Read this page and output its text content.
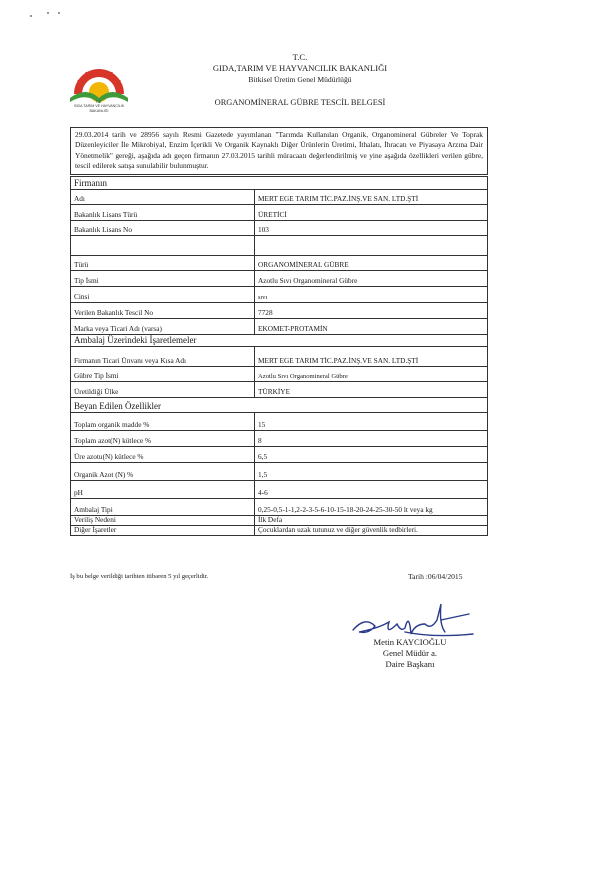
T.C.
GIDA TARIM VE HAYVANCILIK
BAKANLIĞI
T.C.
GIDA,TARIM VE HAYVANCILIK BAKANLIĞI
Bitkisel Üretim Genel Müdürlüğü
ORGANOMİNERAL GÜBRE TESCİL BELGESİ
29.03.2014 tarih ve 28956 sayılı Resmi Gazetede yayımlanan "Tarımda Kullanılan Organik, Organomineral Gübreler Ve Toprak Düzenleyiciler İle Mikrobiyal, Enzim İçerikli Ve Organik Kaynaklı Diğer Ürünlerin Üretimi, İthalatı, İhracatı ve Piyasaya Arzına Dair Yönetmelik" gereği, aşağıda adı geçen firmanın 27.03.2015 tarihli müracaatı değerlendirilmiş ve yine aşağıda özellikleri verilen gübre, tescil edilerek satışa sunulabilir bulunmuştur.
Firmanın
Adı	MERT EGE TARIM TİC.PAZ.İNŞ.VE SAN. LTD.ŞTİ
Bakanlık Lisans Türü	ÜRETİCİ
Bakanlık Lisans No	103
Türü	ORGANOMİNERAL GÜBRE
Tip İsmi	Azotlu Sıvı Organomineral Gübre
Cinsi	sıvı
Verilen Bakanlık Tescil No	7728
Marka veya Ticari Adı (varsa)	EKOMET-PROTAMİN
Ambalaj Üzerindeki İşaretlemeler
Firmanın Ticari Ünvanı veya Kısa Adı	MERT EGE TARIM TİC.PAZ.İNŞ.VE SAN. LTD.ŞTİ
Gübre Tip İsmi	Azotlu Sıvı Organomineral Gübre
Üretildiği Ülke	TÜRKİYE
Beyan Edilen Özellikler
Toplam organik madde %	15
Toplam azot(N) kütlece %	8
Üre azotu(N) kütlece %	6,5
Organik Azot (N) %	1,5
pH	4-6
Ambalaj Tipi	0,25-0,5-1-1,2-2-3-5-6-10-15-18-20-24-25-30-50 lt veya kg
Veriliş Nedeni	İlk Defa
Diğer İşaretler	Çocuklardan uzak tutunuz ve diğer güvenlik tedbirleri.
İş bu belge verildiği tarihten itibaren 5 yıl geçerlidir.	Tarih :06/04/2015
Metin KAYCIOĞLU
Genel Müdür a.
Daire Başkanı
